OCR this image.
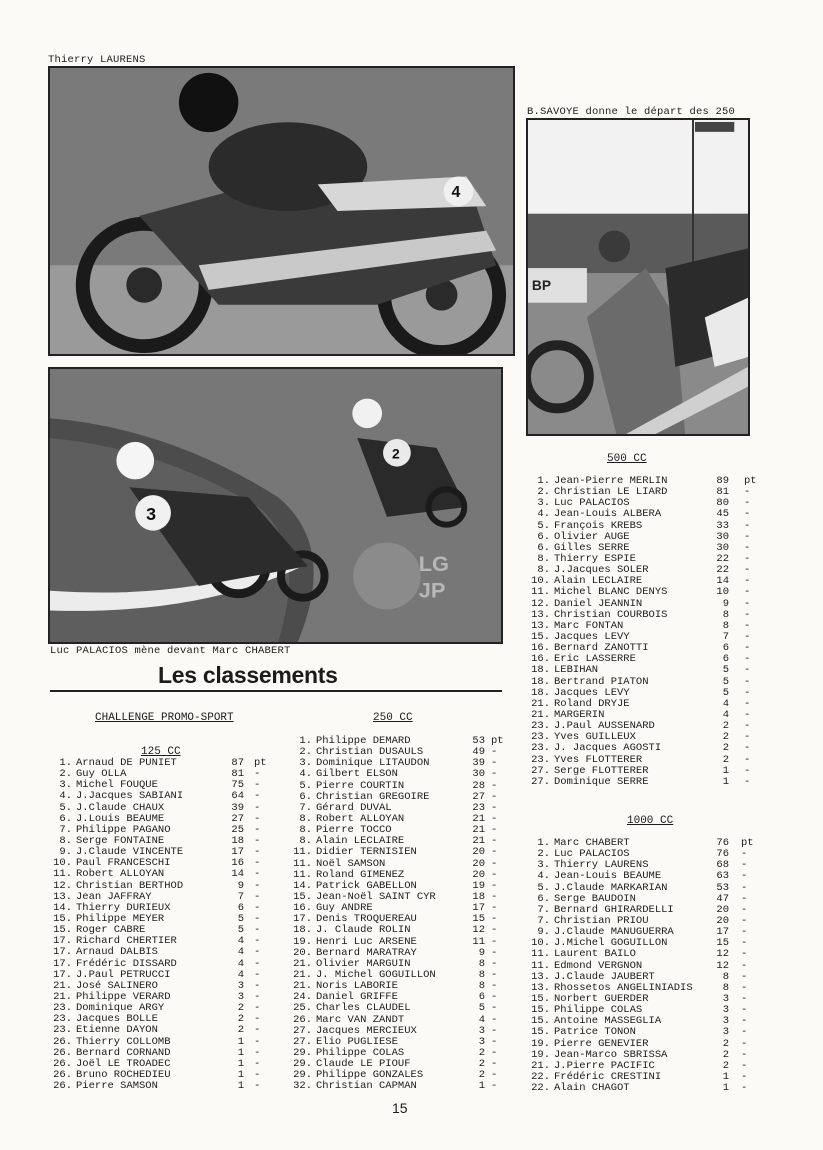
Thierry LAURENS
B.SAVOYE donne le départ des 250
Luc PALACIOS mène devant Marc CHABERT
4
BP
3
2
LG
JP
Les classements
CHALLENGE PROMO-SPORT
125 CC
250 CC
500 CC
1000 CC
1. Arnaud DE PUNIET	87 pt
2. Guy OLLA	81 -
3. Michel FOUQUE	75 -
4. J.Jacques SABIANI	64 -
5. J.Claude CHAUX	39 -
6. J.Louis BEAUME	27 -
7. Philippe PAGANO	25 -
8. Serge FONTAINE	18 -
9. J.Claude VINCENTE	17 -
10. Paul FRANCESCHI	16 -
11. Robert ALLOYAN	14 -
12. Christian BERTHOD	9 -
13. Jean JAFFRAY	7 -
14. Thierry DURIEUX	6 -
15. Philippe MEYER	5 -
15. Roger CABRE	5 -
17. Richard CHERTIER	4 -
17. Arnaud DALBIS	4 -
17. Frédéric DISSARD	4 -
17. J.Paul PETRUCCI	4 -
21. José SALINERO	3 -
21. Philippe VERARD	3 -
23. Dominique ARGY	2 -
23. Jacques BOLLE	2 -
23. Etienne DAYON	2 -
26. Thierry COLLOMB	1 -
26. Bernard CORNAND	1 -
26. Joël LE TROADEC	1 -
26. Bruno ROCHEDIEU	1 -
26. Pierre SAMSON	1 -
1. Philippe DEMARD	53 pt
2. Christian DUSAULS	49 -
3. Dominique LITAUDON	39 -
4. Gilbert ELSON	30 -
5. Pierre COURTIN	28 -
6. Christian GREGOIRE	27 -
7. Gérard DUVAL	23 -
8. Robert ALLOYAN	21 -
8. Pierre TOCCO	21 -
8. Alain LECLAIRE	21 -
11. Didier TERNISIEN	20 -
11. Noël SAMSON	20 -
11. Roland GIMENEZ	20 -
14. Patrick GABELLON	19 -
15. Jean-Noël SAINT CYR	18 -
16. Guy ANDRE	17 -
17. Denis TROQUEREAU	15 -
18. J. Claude ROLIN	12 -
19. Henri Luc ARSENE	11 -
20. Bernard MARATRAY	9 -
21. Olivier MARGUIN	8 -
21. J. Michel GOGUILLON	8 -
21. Noris LABORIE	8 -
24. Daniel GRIFFE	6 -
25. Charles CLAUDEL	5 -
26. Marc VAN ZANDT	4 -
27. Jacques MERCIEUX	3 -
27. Elio PUGLIESE	3 -
29. Philippe COLAS	2 -
29. Claude LE PIOUF	2 -
29. Philippe GONZALES	2 -
32. Christian CAPMAN	1 -
1. Jean-Pierre MERLIN	89 pt
2. Christian LE LIARD	81 -
3. Luc PALACIOS	80 -
4. Jean-Louis ALBERA	45 -
5. François KREBS	33 -
6. Olivier AUGE	30 -
6. Gilles SERRE	30 -
8. Thierry ESPIE	22 -
8. J.Jacques SOLER	22 -
10. Alain LECLAIRE	14 -
11. Michel BLANC DENYS	10 -
12. Daniel JEANNIN	9 -
13. Christian COURBOIS	8 -
13. Marc FONTAN	8 -
15. Jacques LEVY	7 -
16. Bernard ZANOTTI	6 -
16. Eric LASSERRE	6 -
18. LEBIHAN	5 -
18. Bertrand PIATON	5 -
18. Jacques LEVY	5 -
21. Roland DRYJE	4 -
21. MARGERIN	4 -
23. J.Paul AUSSENARD	2 -
23. Yves GUILLEUX	2 -
23. J. Jacques AGOSTI	2 -
23. Yves FLOTTERER	2 -
27. Serge FLOTTERER	1 -
27. Dominique SERRE	1 -
1. Marc CHABERT	76 pt
2. Luc PALACIOS	76 -
3. Thierry LAURENS	68 -
4. Jean-Louis BEAUME	63 -
5. J.Claude MARKARIAN	53 -
6. Serge BAUDOIN	47 -
7. Bernard GHIRARDELLI	20 -
7. Christian PRIOU	20 -
9. J.Claude MANUGUERRA	17 -
10. J.Michel GOGUILLON	15 -
11. Laurent BAILO	12 -
11. Edmond VERGNON	12 -
13. J.Claude JAUBERT	8 -
13. Rhossetos ANGELINIADIS	8 -
15. Norbert GUERDER	3 -
15. Philippe COLAS	3 -
15. Antoine MASSEGLIA	3 -
15. Patrice TONON	3 -
19. Pierre GENEVIER	2 -
19. Jean-Marco SBRISSA	2 -
21. J.Pierre PACIFIC	2 -
22. Frédéric CRESTINI	1 -
22. Alain CHAGOT	1 -
15
